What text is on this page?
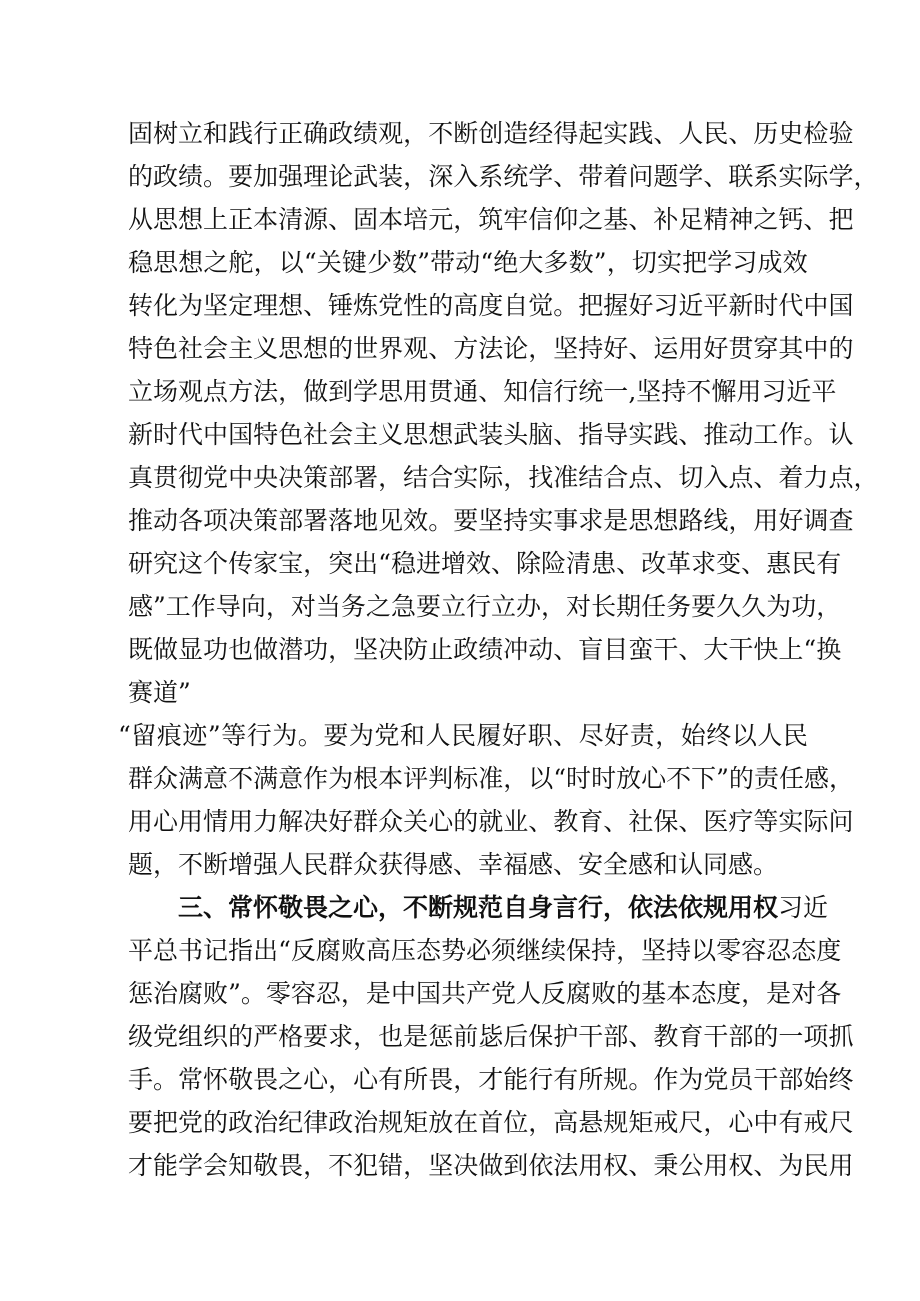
固 树 立 和 践 行 正 确 政 绩 观 ， 不 断 创 造 经 得 起 实 践 、 人 民 、 历 史 检 验
的 政 绩 。 要 加 强 理 论 武 装 ， 深 入 系 统 学 、 带 着 问 题 学 、 联 系 实 际 学 ，
从 思 想 上 正 本 清 源 、 固 本 培 元 ， 筑 牢 信 仰 之 基 、 补 足 精 神 之 钙 、 把
稳 思 想 之 舵 ， 以 “ 关 键 少 数 ” 带 动 “ 绝 大 多 数 ” ， 切 实 把 学 习 成 效
转 化 为 坚 定 理 想 、 锤 炼 党 性 的 高 度 自 觉 。 把 握 好 习 近 平 新 时 代 中 国
特 色 社 会 主 义 思 想 的 世 界 观 、 方 法 论 ， 坚 持 好 、 运 用 好 贯 穿 其 中 的
立 场 观 点 方 法 ， 做 到 学 思 用 贯 通 、 知 信 行 统 一 , 坚 持 不 懈 用 习 近 平
新 时 代 中 国 特 色 社 会 主 义 思 想 武 装 头 脑 、 指 导 实 践 、 推 动 工 作 。 认
真 贯 彻 党 中 央 决 策 部 署 ， 结 合 实 际 ， 找 准 结 合 点 、 切 入 点 、 着 力 点 ，
推 动 各 项 决 策 部 署 落 地 见 效 。 要 坚 持 实 事 求 是 思 想 路 线 ， 用 好 调 查
研 究 这 个 传 家 宝 ， 突 出 “ 稳 进 增 效 、 除 险 清 患 、 改 革 求 变 、 惠 民 有
感 ” 工 作 导 向 ， 对 当 务 之 急 要 立 行 立 办 ， 对 长 期 任 务 要 久 久 为 功 ，
既 做 显 功 也 做 潜 功 ， 坚 决 防 止 政 绩 冲 动 、 盲 目 蛮 干 、 大 干 快 上 “ 换
赛道”
“ 留 痕 迹 ” 等 行 为 。 要 为 党 和 人 民 履 好 职 、 尽 好 责 ， 始 终 以 人 民
群 众 满 意 不 满 意 作 为 根 本 评 判 标 准 ， 以 “ 时 时 放 心 不 下 ” 的 责 任 感 ，
用 心 用 情 用 力 解 决 好 群 众 关 心 的 就 业 、 教 育 、 社 保 、 医 疗 等 实 际 问
题，不断增强人民群众获得感、幸福感、安全感和认同感。
三、常怀敬畏之心，不断规范自身言行，依法依规用权习近
平 总 书 记 指 出 “ 反 腐 败 高 压 态 势 必 须 继 续 保 持 ， 坚 持 以 零 容 忍 态 度
惩 治 腐 败 ” 。 零 容 忍 ， 是 中 国 共 产 党 人 反 腐 败 的 基 本 态 度 ， 是 对 各
级 党 组 织 的 严 格 要 求 ， 也 是 惩 前 毖 后 保 护 干 部 、 教 育 干 部 的 一 项 抓
手 。 常 怀 敬 畏 之 心 ， 心 有 所 畏 ， 才 能 行 有 所 规 。 作 为 党 员 干 部 始 终
要 把 党 的 政 治 纪 律 政 治 规 矩 放 在 首 位 ， 高 悬 规 矩 戒 尺 ， 心 中 有 戒 尺
才 能 学 会 知 敬 畏 ， 不 犯 错 ， 坚 决 做 到 依 法 用 权 、 秉 公 用 权 、 为 民 用
